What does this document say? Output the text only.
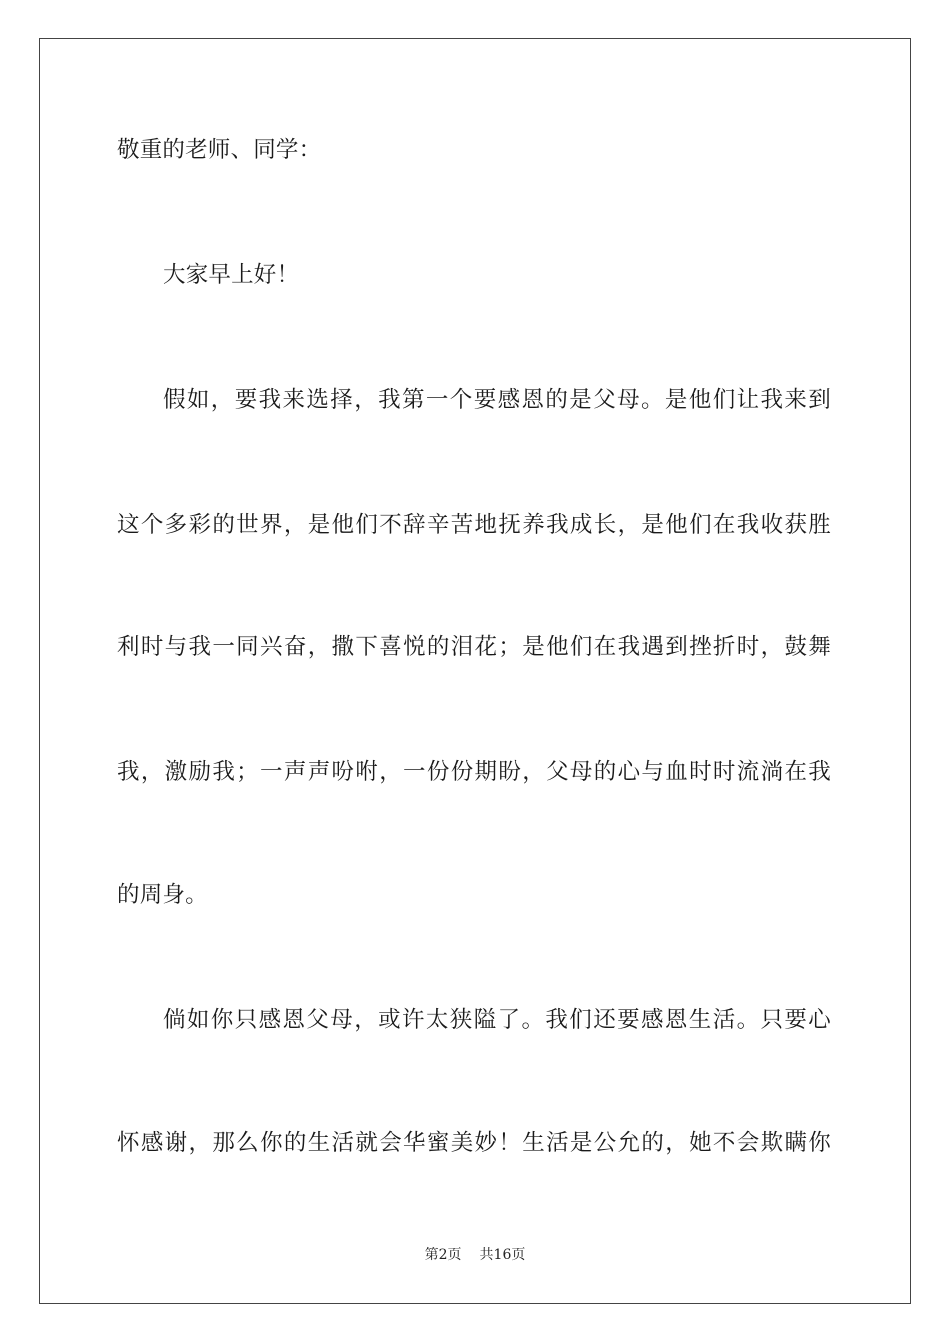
敬重的老师、同学：
大家早上好！
假如，要我来选择，我第一个要感恩的是父母。是他们让我来到
这个多彩的世界，是他们不辞辛苦地抚养我成长，是他们在我收获胜
利时与我一同兴奋，撒下喜悦的泪花；是他们在我遇到挫折时，鼓舞
我，激励我；一声声吩咐，一份份期盼，父母的心与血时时流淌在我
的周身。
倘如你只感恩父母，或许太狭隘了。我们还要感恩生活。只要心
怀感谢，那么你的生活就会华蜜美妙！生活是公允的，她不会欺瞒你
第2页 共16页
